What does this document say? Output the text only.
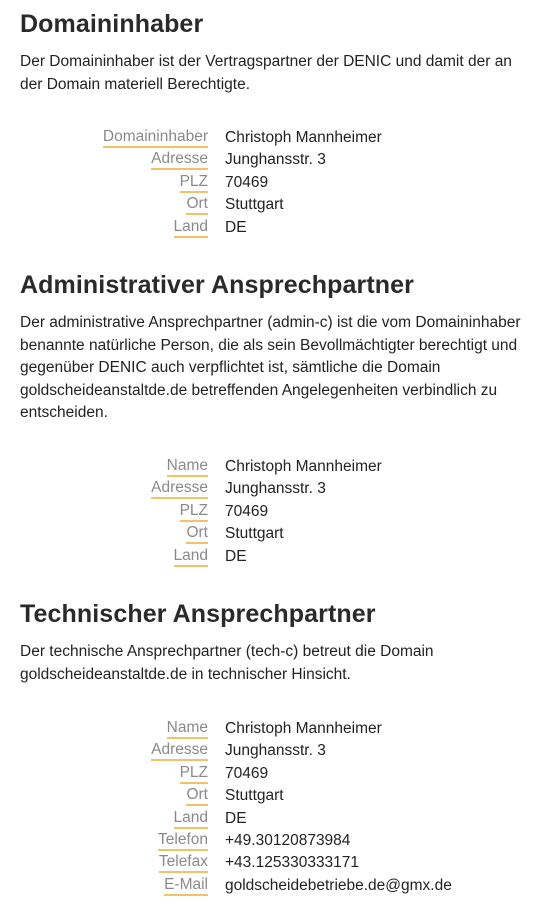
Domaininhaber

Der Domaininhaber ist der Vertragspartner der DENIC und damit der an der Domain materiell Berechtigte.

Domaininhaber Christoph Mannheimer
Adresse Junghansstr. 3
PLZ 70469
Ort Stuttgart
Land DE
Administrativer Ansprechpartner

Der administrative Ansprechpartner (admin-c) ist die vom Domaininhaber benannte natürliche Person, die als sein Bevollmächtigter berechtigt und gegenüber DENIC auch verpflichtet ist, sämtliche die Domain goldscheideanstaltde.de betreffenden Angelegenheiten verbindlich zu entscheiden.

Name Christoph Mannheimer
Adresse Junghansstr. 3
PLZ 70469
Ort Stuttgart
Land DE
Technischer Ansprechpartner

Der technische Ansprechpartner (tech-c) betreut die Domain goldscheideanstaltde.de in technischer Hinsicht.

Name Christoph Mannheimer
Adresse Junghansstr. 3
PLZ 70469
Ort Stuttgart
Land DE
Telefon +49.30120873984
Telefax +43.125330333171
E-Mail goldscheidebetriebe.de@gmx.de
